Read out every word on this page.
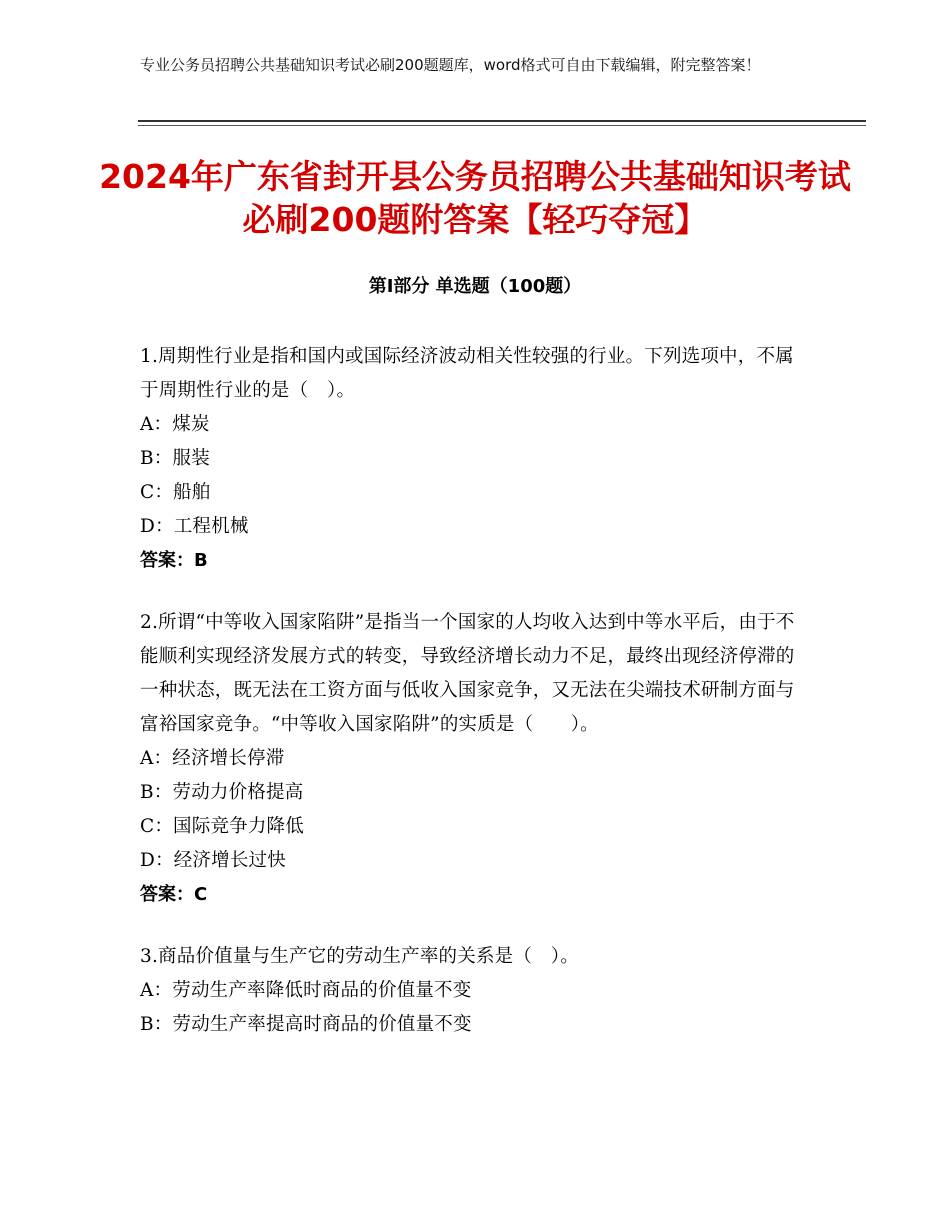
专业公务员招聘公共基础知识考试必刷200题题库，word格式可自由下载编辑，附完整答案！
2024年广东省封开县公务员招聘公共基础知识考试必刷200题附答案【轻巧夺冠】
第Ⅰ部分 单选题（100题）
1.周期性行业是指和国内或国际经济波动相关性较强的行业。下列选项中，不属于周期性行业的是（　）。
A：煤炭
B：服装
C：船舶
D：工程机械
答案：B
2.所谓“中等收入国家陷阱”是指当一个国家的人均收入达到中等水平后，由于不能顺利实现经济发展方式的转变，导致经济增长动力不足，最终出现经济停滞的一种状态，既无法在工资方面与低收入国家竞争，又无法在尖端技术研制方面与富裕国家竞争。“中等收入国家陷阱”的实质是（　　）。
A：经济增长停滞
B：劳动力价格提高
C：国际竞争力降低
D：经济增长过快
答案：C
3.商品价值量与生产它的劳动生产率的关系是（　）。
A：劳动生产率降低时商品的价值量不变
B：劳动生产率提高时商品的价值量不变
